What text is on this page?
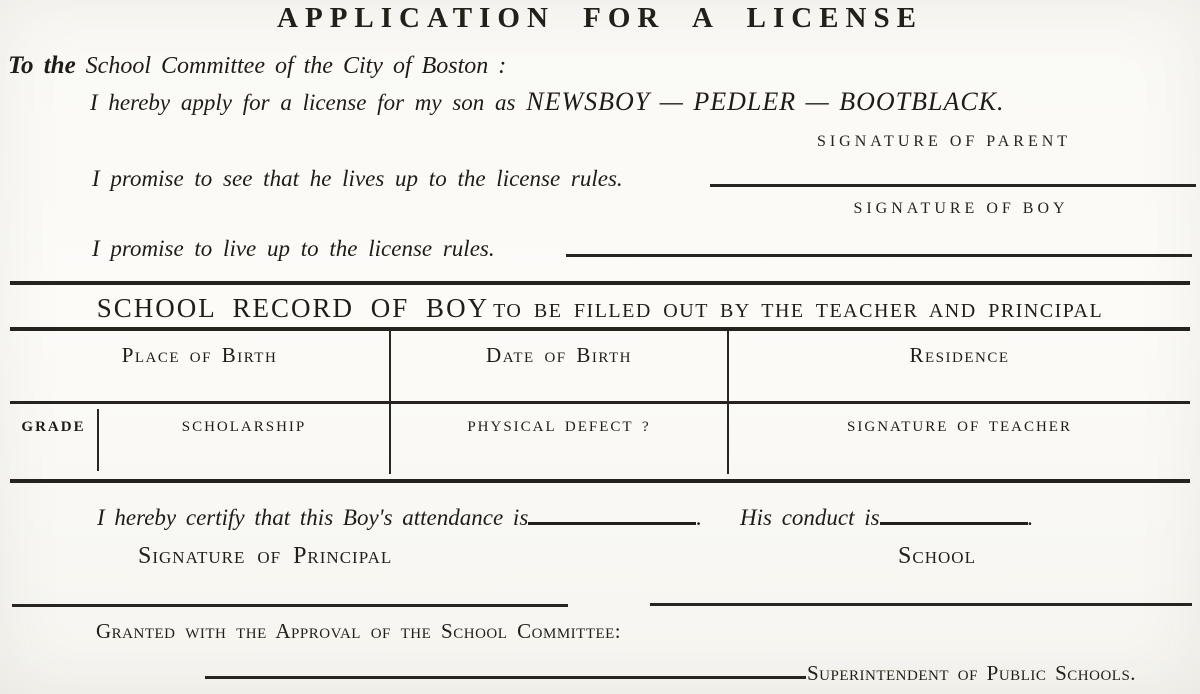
APPLICATION FOR A LICENSE
To the School Committee of the City of Boston :
I hereby apply for a license for my son as NEWSBOY — PEDLER — BOOTBLACK.
SIGNATURE OF PARENT
I promise to see that he lives up to the license rules.
SIGNATURE OF BOY
I promise to live up to the license rules.
SCHOOL RECORD OF BOY TO BE FILLED OUT BY THE TEACHER AND PRINCIPAL
Place of Birth	Date of Birth	Residence
GRADE	SCHOLARSHIP	PHYSICAL DEFECT ?	SIGNATURE OF TEACHER
I hereby certify that this Boy's attendance is	. His conduct is	.
Signature of Principal	School
Granted with the Approval of the School Committee:
Superintendent of Public Schools.
